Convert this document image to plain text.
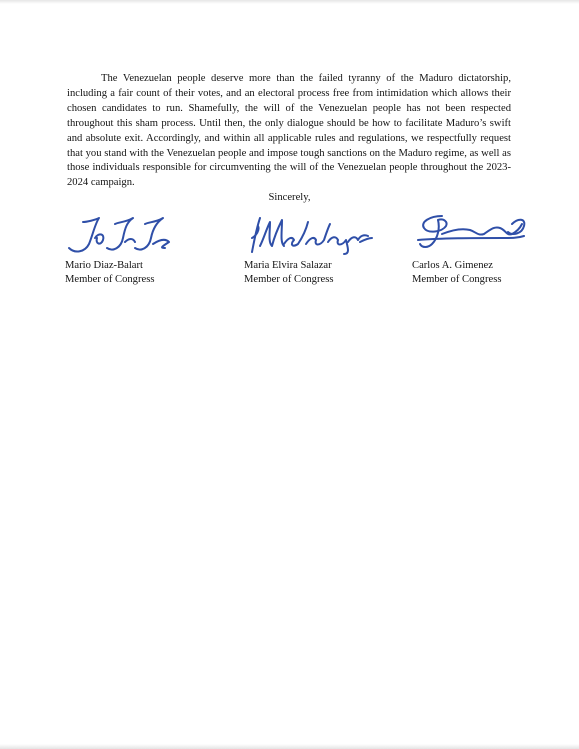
The Venezuelan people deserve more than the failed tyranny of the Maduro dictatorship, including a fair count of their votes, and an electoral process free from intimidation which allows their chosen candidates to run. Shamefully, the will of the Venezuelan people has not been respected throughout this sham process. Until then, the only dialogue should be how to facilitate Maduro’s swift and absolute exit. Accordingly, and within all applicable rules and regulations, we respectfully request that you stand with the Venezuelan people and impose tough sanctions on the Maduro regime, as well as those individuals responsible for circumventing the will of the Venezuelan people throughout the 2023-2024 campaign.

Sincerely,

Mario Diaz-Balart
Member of Congress
Maria Elvira Salazar
Member of Congress
Carlos A. Gimenez
Member of Congress
